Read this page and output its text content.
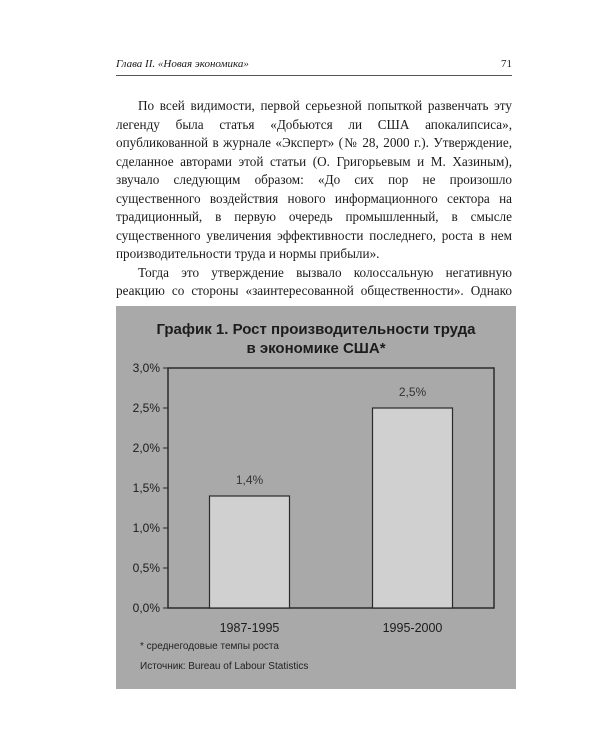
Глава II. «Новая экономика»	71

По всей видимости, первой серьезной попыткой развенчать эту легенду была статья «Добьются ли США апокалипсиса», опубликованной в журнале «Эксперт» (№ 28, 2000 г.). Утверждение, сделанное авторами этой статьи (О. Григорьевым и М. Хазиным), звучало следующим образом: «До сих пор не произошло существенного воздействия нового информационного сектора на традиционный, в первую очередь промышленный, в смысле существенного увеличения эффективности последнего, роста в нем производительности труда и нормы прибыли».

Тогда это утверждение вызвало колоссальную негативную реакцию со стороны «заинтересованной общественности». Однако

График 1. Рост производительности труда
в экономике США*
0,0%
0,5%
1,0%
1,5%
2,0%
2,5%
3,0%
1,4%
2,5%
1987-1995	1995-2000
* среднегодовые темпы роста
Источник: Bureau of Labour Statistics
